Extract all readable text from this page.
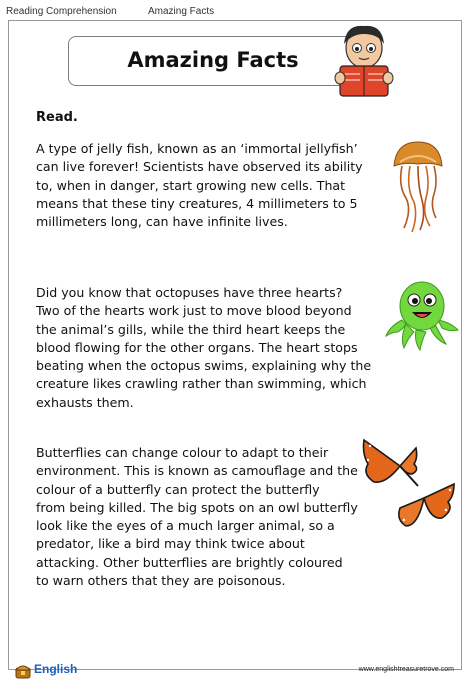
Reading Comprehension	Amazing Facts
Amazing Facts
Read.
A type of jelly fish, known as an ‘immortal jellyfish’
can live forever! Scientists have observed its ability
to, when in danger, start growing new cells. That
means that these tiny creatures, 4 millimeters to 5
millimeters long, can have infinite lives.
Did you know that octopuses have three hearts?
Two of the hearts work just to move blood beyond
the animal’s gills, while the third heart keeps the
blood flowing for the other organs. The heart stops
beating when the octopus swims, explaining why the
creature likes crawling rather than swimming, which
exhausts them.
Butterflies can change colour to adapt to their
environment. This is known as camouflage and the
colour of a butterfly can protect the butterfly
from being killed. The big spots on an owl butterfly
look like the eyes of a much larger animal, so a
predator, like a bird may think twice about
attacking. Other butterflies are brightly coloured
to warn others that they are poisonous.
English	www.englishtreasuretrove.com
